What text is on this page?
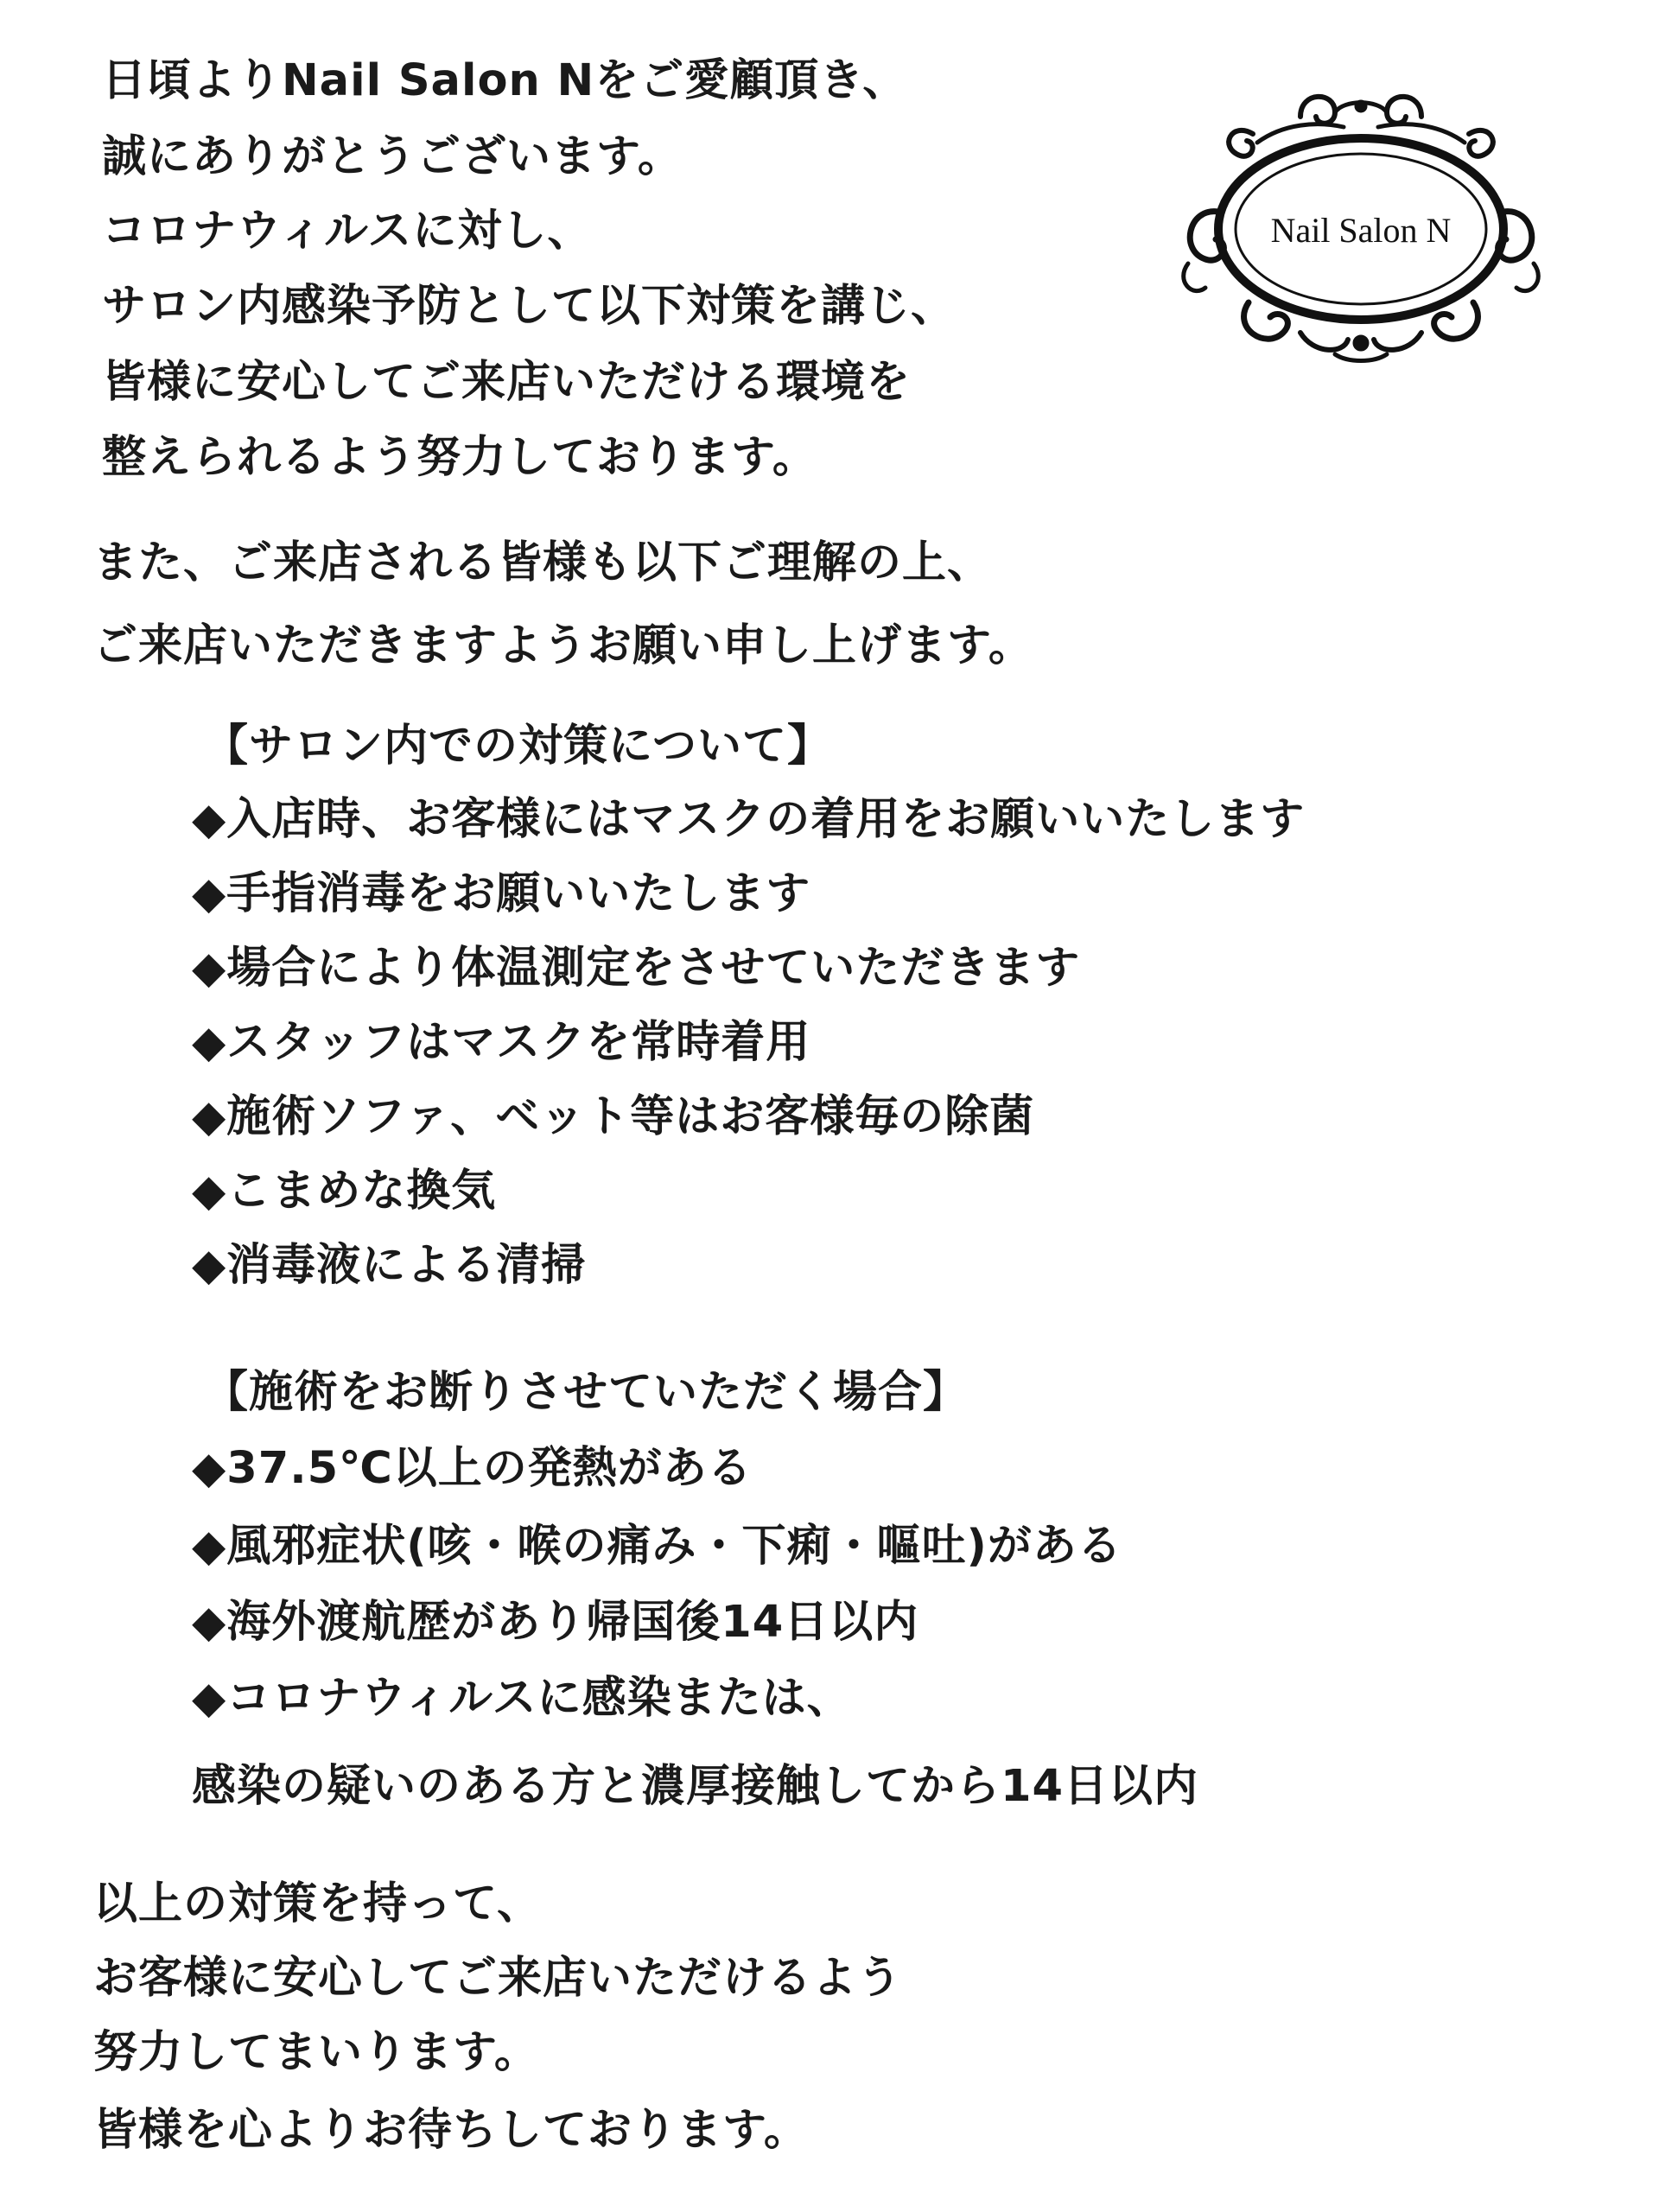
Nail Salon N
日頃よりNail Salon Nをご愛顧頂き、
誠にありがとうございます。
コロナウィルスに対し、
サロン内感染予防として以下対策を講じ、
皆様に安心してご来店いただける環境を
整えられるよう努力しております。
また、ご来店される皆様も以下ご理解の上、
ご来店いただきますようお願い申し上げます。
【サロン内での対策について】
◆入店時、お客様にはマスクの着用をお願いいたします
◆手指消毒をお願いいたします
◆場合により体温測定をさせていただきます
◆スタッフはマスクを常時着用
◆施術ソファ、ベット等はお客様毎の除菌
◆こまめな換気
◆消毒液による清掃
【施術をお断りさせていただく場合】
◆37.5℃以上の発熱がある
◆風邪症状(咳・喉の痛み・下痢・嘔吐)がある
◆海外渡航歴があり帰国後14日以内
◆コロナウィルスに感染または、
感染の疑いのある方と濃厚接触してから14日以内
以上の対策を持って、
お客様に安心してご来店いただけるよう
努力してまいります。
皆様を心よりお待ちしております。
